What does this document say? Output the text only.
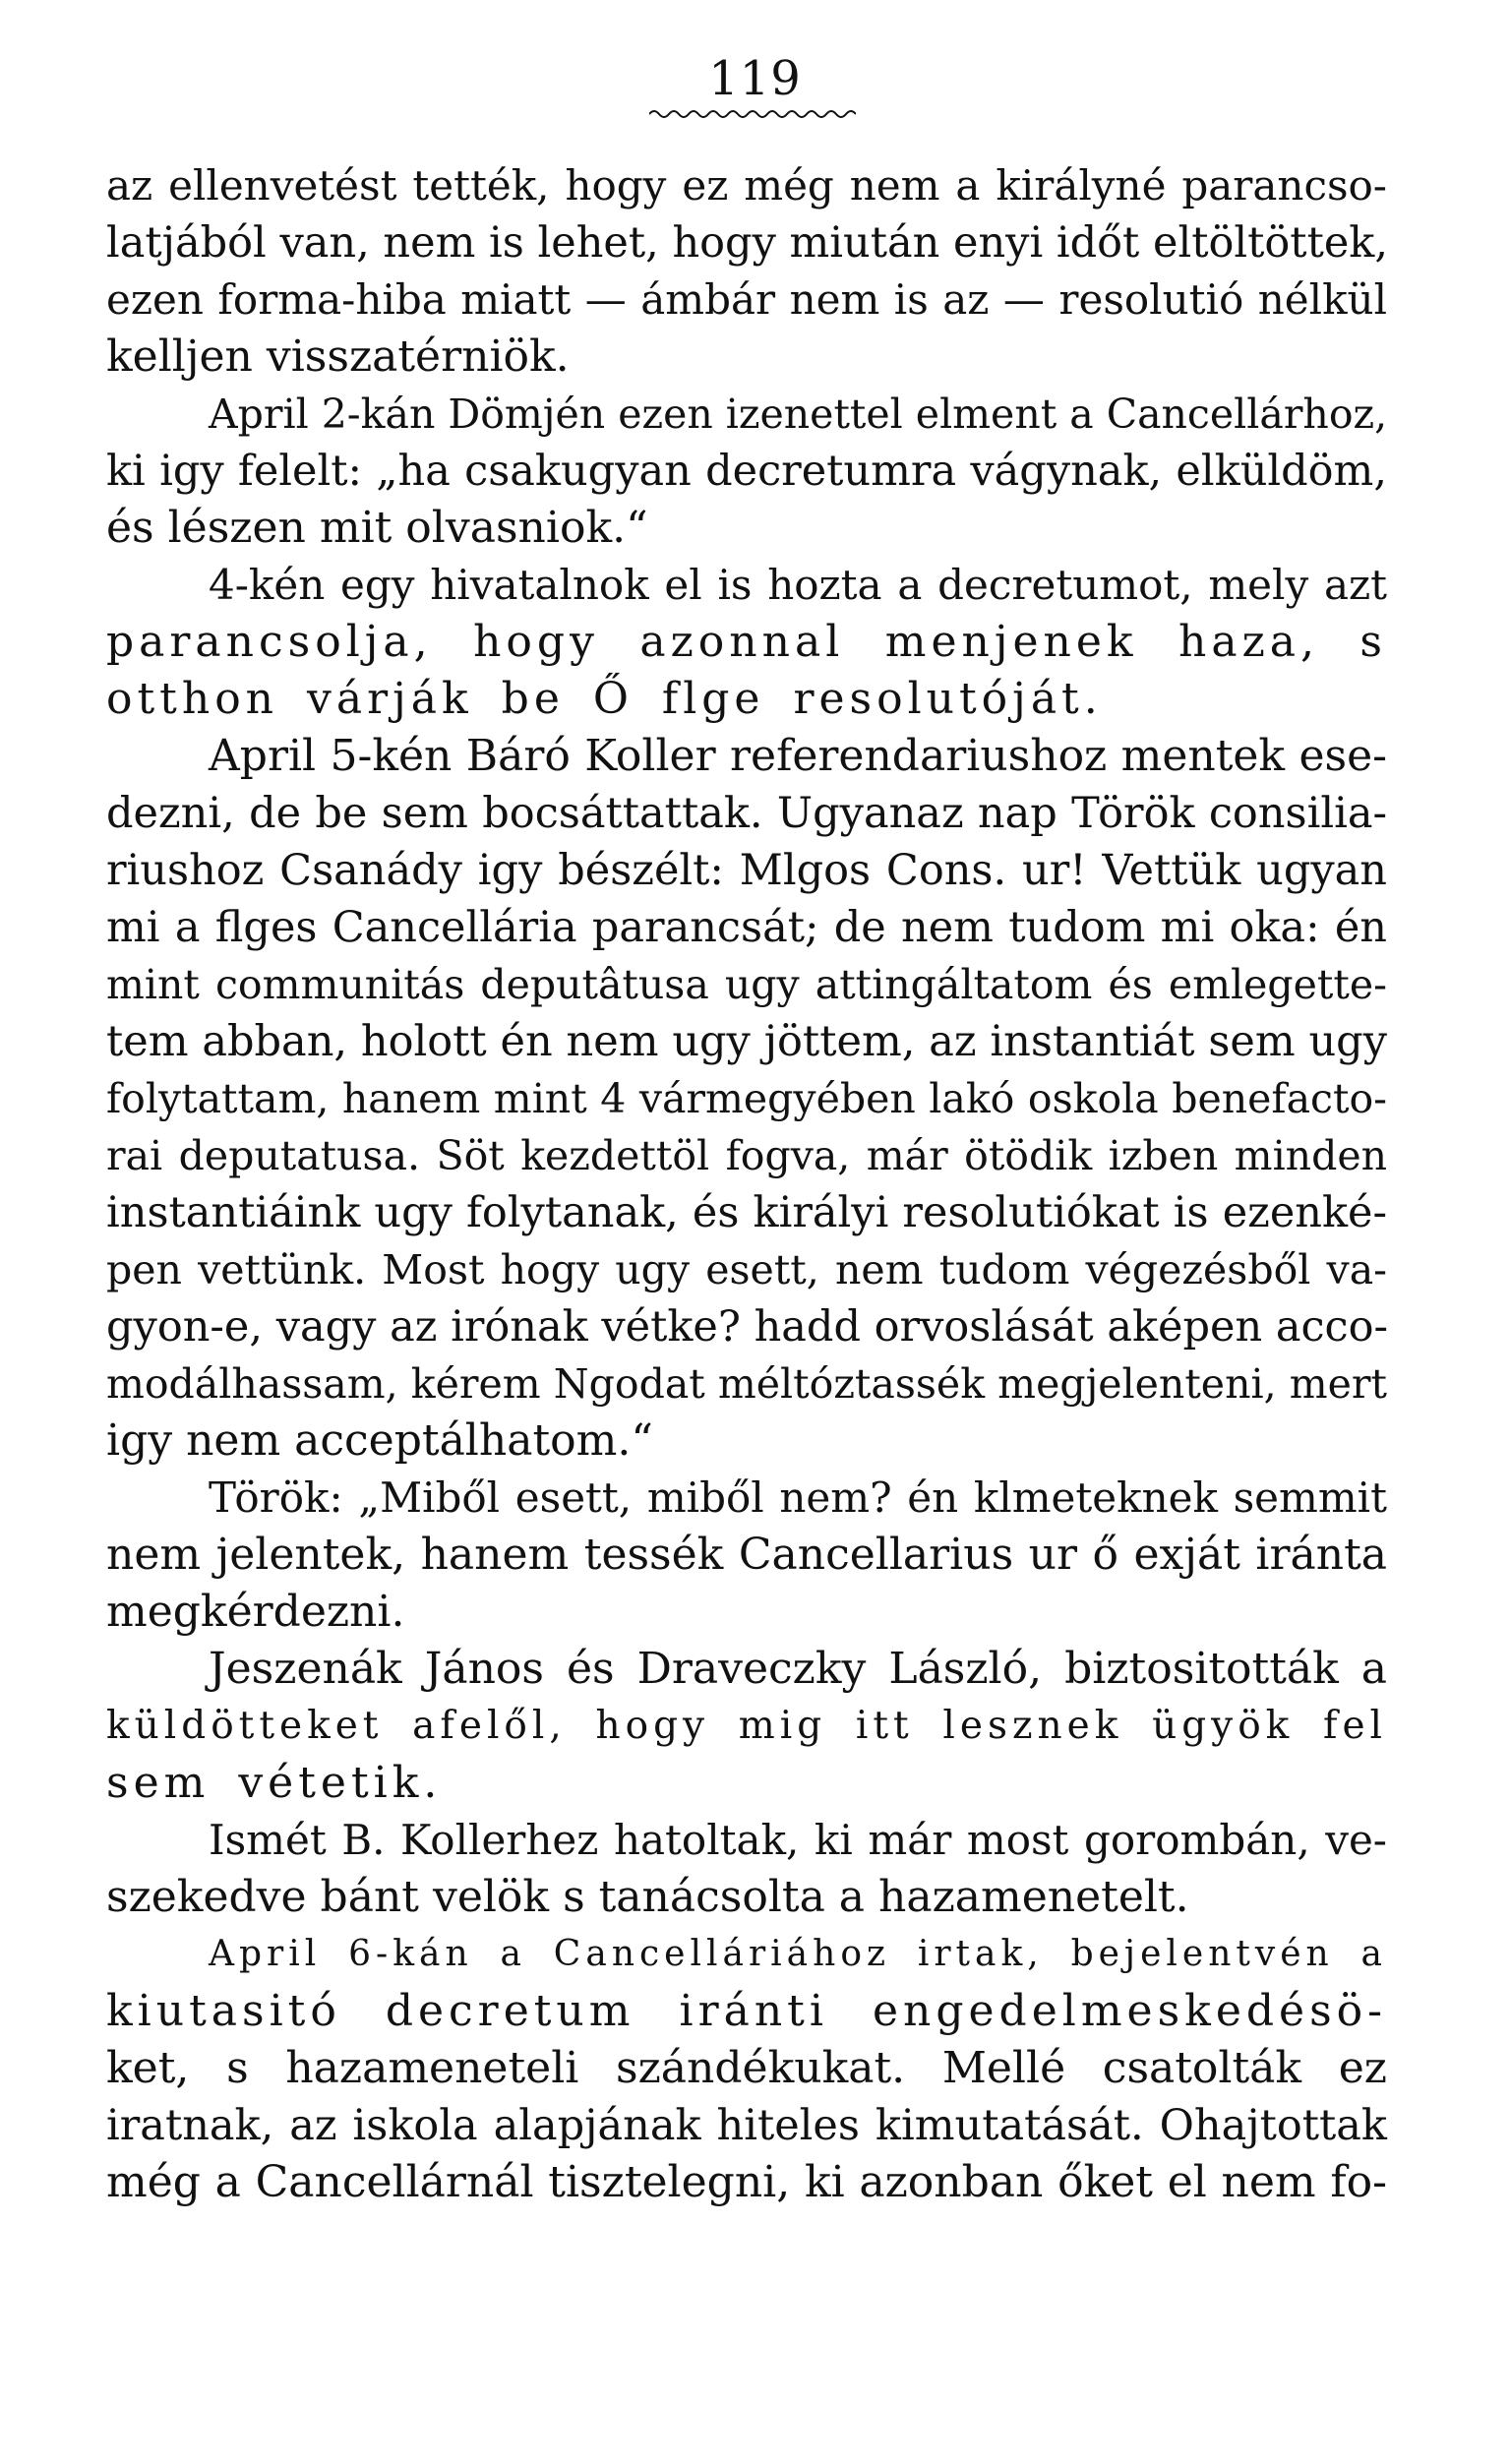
119
az ellenvetést tették, hogy ez még nem a királyné parancso-
latjából van, nem is lehet, hogy miután enyi időt eltöltöttek,
ezen forma-hiba miatt — ámbár nem is az — resolutió nélkül
kelljen visszatérniök.
April 2-kán Dömjén ezen izenettel elment a Cancellárhoz,
ki igy felelt: „ha csakugyan decretumra vágynak, elküldöm,
és lészen mit olvasniok.“
4-kén egy hivatalnok el is hozta a decretumot, mely azt
parancsolja, hogy azonnal menjenek haza, s
otthon várják be Ő flge resolutóját.
April 5-kén Báró Koller referendariushoz mentek ese-
dezni, de be sem bocsáttattak. Ugyanaz nap Török consilia-
riushoz Csanády igy bészélt: Mlgos Cons. ur! Vettük ugyan
mi a flges Cancellária parancsát; de nem tudom mi oka: én
mint communitás deputâtusa ugy attingáltatom és emlegette-
tem abban, holott én nem ugy jöttem, az instantiát sem ugy
folytattam, hanem mint 4 vármegyében lakó oskola benefacto-
rai deputatusa. Söt kezdettöl fogva, már ötödik izben minden
instantiáink ugy folytanak, és királyi resolutiókat is ezenké-
pen vettünk. Most hogy ugy esett, nem tudom végezésből va-
gyon-e, vagy az irónak vétke? hadd orvoslását aképen acco-
modálhassam, kérem Ngodat méltóztassék megjelenteni, mert
igy nem acceptálhatom.“
Török: „Miből esett, miből nem? én klmeteknek semmit
nem jelentek, hanem tessék Cancellarius ur ő exját iránta
megkérdezni.
Jeszenák János és Draveczky László, biztositották a
küldötteket afelől, hogy mig itt lesznek ügyök fel
sem vétetik.
Ismét B. Kollerhez hatoltak, ki már most gorombán, ve-
szekedve bánt velök s tanácsolta a hazamenetelt.
April 6-kán a Cancelláriához irtak, bejelentvén a
kiutasitó decretum iránti engedelmeskedésö-
ket, s hazameneteli szándékukat. Mellé csatolták ez
iratnak, az iskola alapjának hiteles kimutatását. Ohajtottak
még a Cancellárnál tisztelegni, ki azonban őket el nem fo-
